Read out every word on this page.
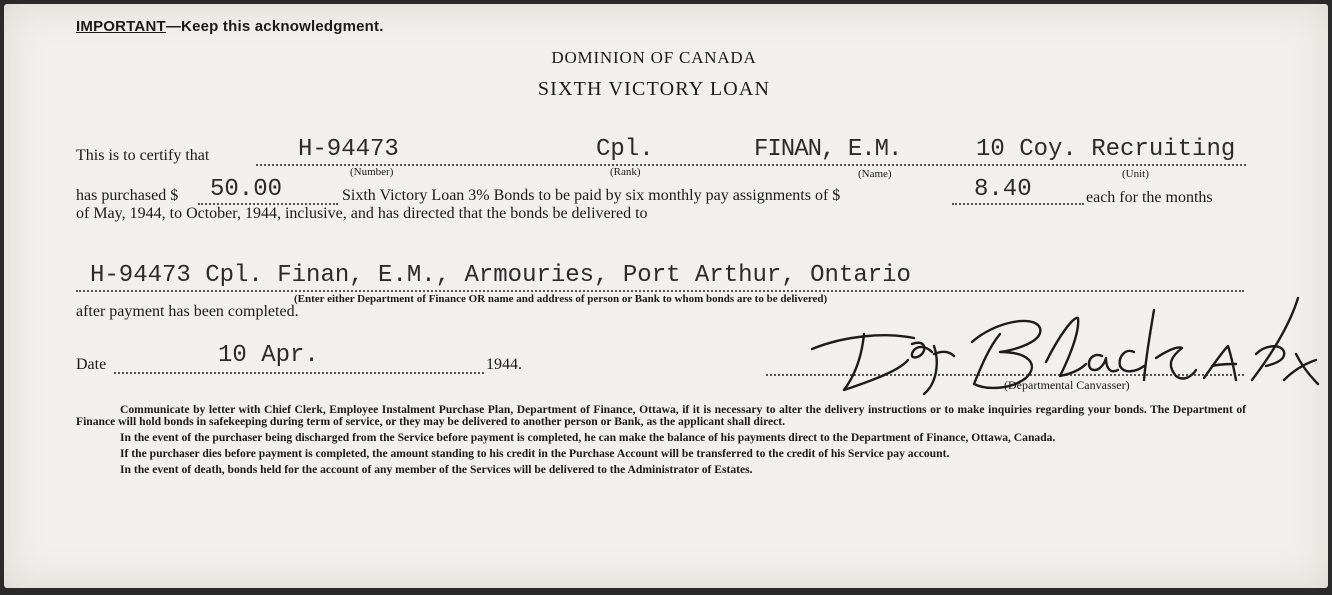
IMPORTANT—Keep this acknowledgment.
DOMINION OF CANADA
SIXTH VICTORY LOAN
This is to certify that	H-94473	Cpl.	FINAN, E.M.	10 Coy. Recruiting
(Number)	(Rank)	(Name)	(Unit)
has purchased $ 50.00	Sixth Victory Loan 3% Bonds to be paid by six monthly pay assignments of $	8.40	each for the months
of May, 1944, to October, 1944, inclusive, and has directed that the bonds be delivered to
H-94473 Cpl. Finan, E.M., Armouries, Port Arthur, Ontario
(Enter either Department of Finance OR name and address of person or Bank to whom bonds are to be delivered)
after payment has been completed.
Date	10 Apr.	1944.
(Departmental Canvasser)

Communicate by letter with Chief Clerk, Employee Instalment Purchase Plan, Department of Finance, Ottawa, if it is necessary to alter the delivery instructions or to make inquiries regarding your bonds. The Department of Finance will hold bonds in safekeeping during term of service, or they may be delivered to another person or Bank, as the applicant shall direct.

In the event of the purchaser being discharged from the Service before payment is completed, he can make the balance of his payments direct to the Department of Finance, Ottawa, Canada.

If the purchaser dies before payment is completed, the amount standing to his credit in the Purchase Account will be transferred to the credit of his Service pay account.

In the event of death, bonds held for the account of any member of the Services will be delivered to the Administrator of Estates.
